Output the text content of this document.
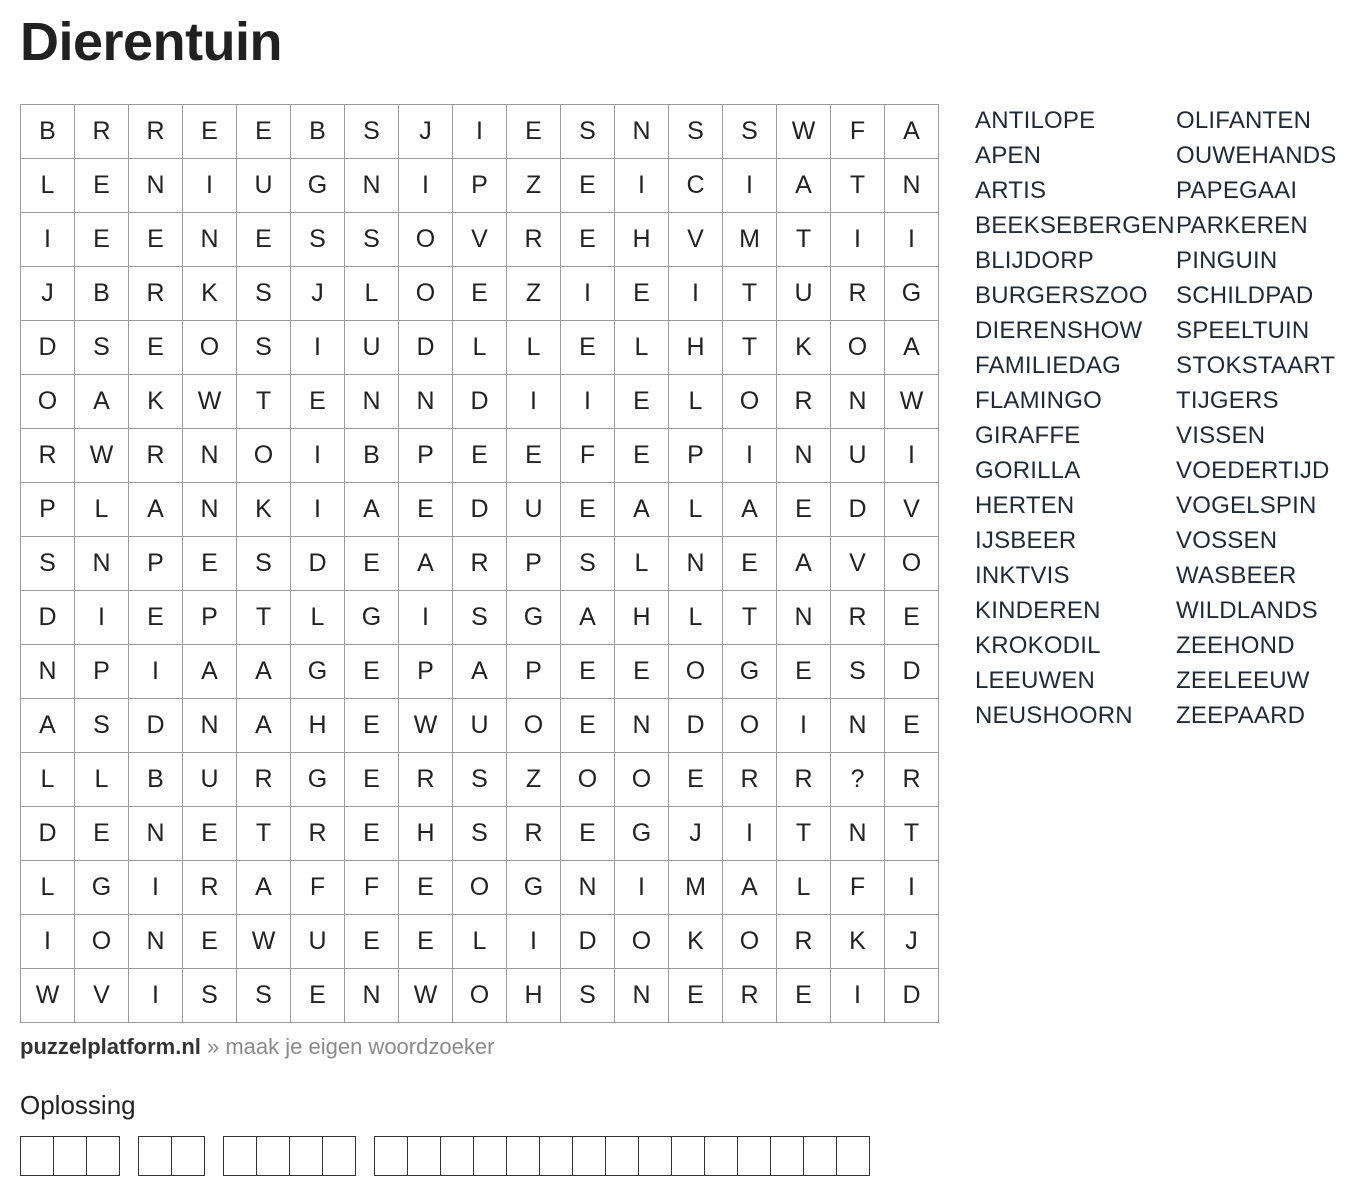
Dierentuin
B	R	R	E	E	B	S	J	I	E	S	N	S	S	W	F	A
L	E	N	I	U	G	N	I	P	Z	E	I	C	I	A	T	N
I	E	E	N	E	S	S	O	V	R	E	H	V	M	T	I	I
J	B	R	K	S	J	L	O	E	Z	I	E	I	T	U	R	G
D	S	E	O	S	I	U	D	L	L	E	L	H	T	K	O	A
O	A	K	W	T	E	N	N	D	I	I	E	L	O	R	N	W
R	W	R	N	O	I	B	P	E	E	F	E	P	I	N	U	I
P	L	A	N	K	I	A	E	D	U	E	A	L	A	E	D	V
S	N	P	E	S	D	E	A	R	P	S	L	N	E	A	V	O
D	I	E	P	T	L	G	I	S	G	A	H	L	T	N	R	E
N	P	I	A	A	G	E	P	A	P	E	E	O	G	E	S	D
A	S	D	N	A	H	E	W	U	O	E	N	D	O	I	N	E
L	L	B	U	R	G	E	R	S	Z	O	O	E	R	R	?	R
D	E	N	E	T	R	E	H	S	R	E	G	J	I	T	N	T
L	G	I	R	A	F	F	E	O	G	N	I	M	A	L	F	I
I	O	N	E	W	U	E	E	L	I	D	O	K	O	R	K	J
W	V	I	S	S	E	N	W	O	H	S	N	E	R	E	I	D
ANTILOPE
APEN
ARTIS
BEEKSEBERGEN
BLIJDORP
BURGERSZOO
DIERENSHOW
FAMILIEDAG
FLAMINGO
GIRAFFE
GORILLA
HERTEN
IJSBEER
INKTVIS
KINDEREN
KROKODIL
LEEUWEN
NEUSHOORN
OLIFANTEN
OUWEHANDS
PAPEGAAI
PARKEREN
PINGUIN
SCHILDPAD
SPEELTUIN
STOKSTAART
TIJGERS
VISSEN
VOEDERTIJD
VOGELSPIN
VOSSEN
WASBEER
WILDLANDS
ZEEHOND
ZEELEEUW
ZEEPAARD
puzzelplatform.nl » maak je eigen woordzoeker
Oplossing
